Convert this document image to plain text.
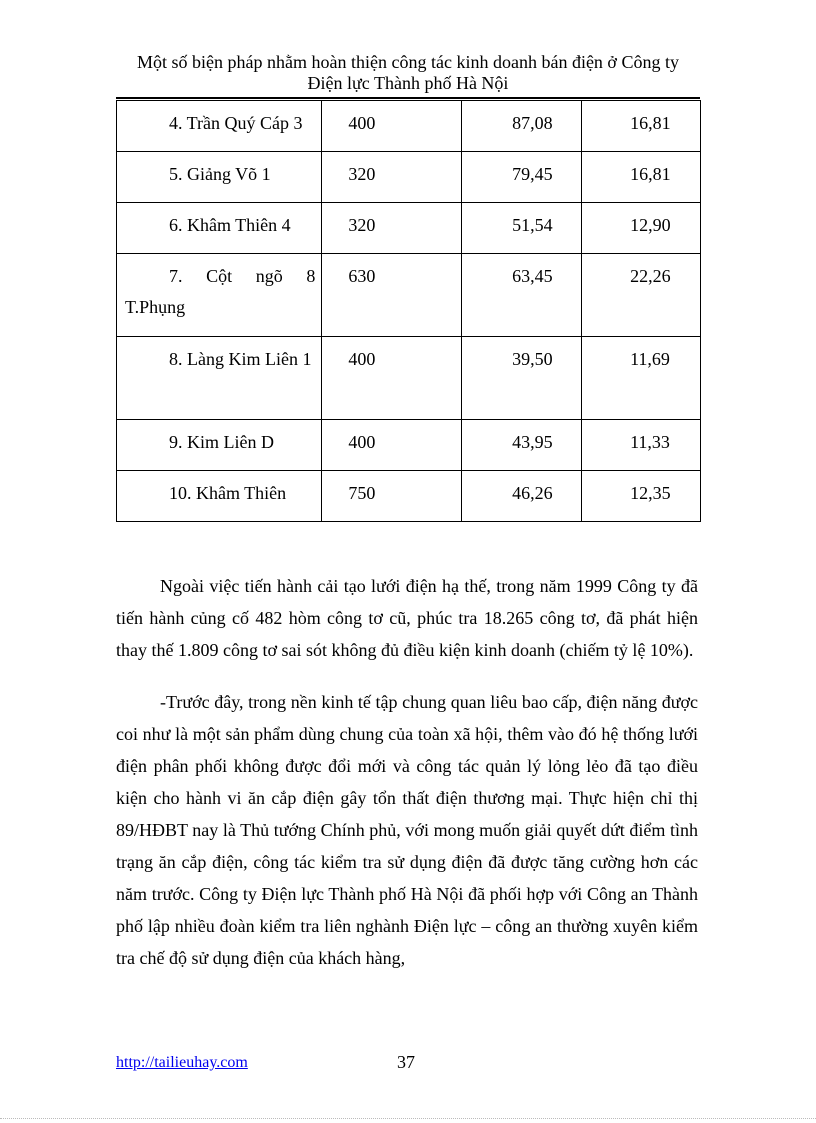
Một số biện pháp nhằm hoàn thiện công tác kinh doanh bán điện ở Công ty
Điện lực Thành phố Hà Nội
4. Trần Quý Cáp 3	400	87,08	16,81

5. Giảng Võ 1	320	79,45	16,81

6. Khâm Thiên 4	320	51,54	12,90

7. Cột ngõ 8 T.Phụng	630	63,45	22,26

8. Làng Kim Liên 1	400	39,50	11,69

9. Kim Liên D	400	43,95	11,33

10. Khâm Thiên	750	46,26	12,35

Ngoài việc tiến hành cải tạo lưới điện hạ thế, trong năm 1999 Công ty đã tiến hành củng cố 482 hòm công tơ cũ, phúc tra 18.265 công tơ, đã phát hiện thay thế 1.809 công tơ sai sót không đủ điều kiện kinh doanh (chiếm tỷ lệ 10%).

-Trước đây, trong nền kinh tế tập chung quan liêu bao cấp, điện năng được coi như là một sản phẩm dùng chung của toàn xã hội, thêm vào đó hệ thống lưới điện phân phối không được đổi mới và công tác quản lý lỏng lẻo đã tạo điều kiện cho hành vi ăn cắp điện gây tổn thất điện thương mại. Thực hiện chỉ thị 89/HĐBT nay là Thủ tướng Chính phủ, với mong muốn giải quyết dứt điểm tình trạng ăn cắp điện, công tác kiểm tra sử dụng điện đã được tăng cường hơn các năm trước. Công ty Điện lực Thành phố Hà Nội đã phối hợp với Công an Thành phố lập nhiều đoàn kiểm tra liên nghành Điện lực – công an thường xuyên kiểm tra chế độ sử dụng điện của khách hàng,

http://tailieuhay.com	37
